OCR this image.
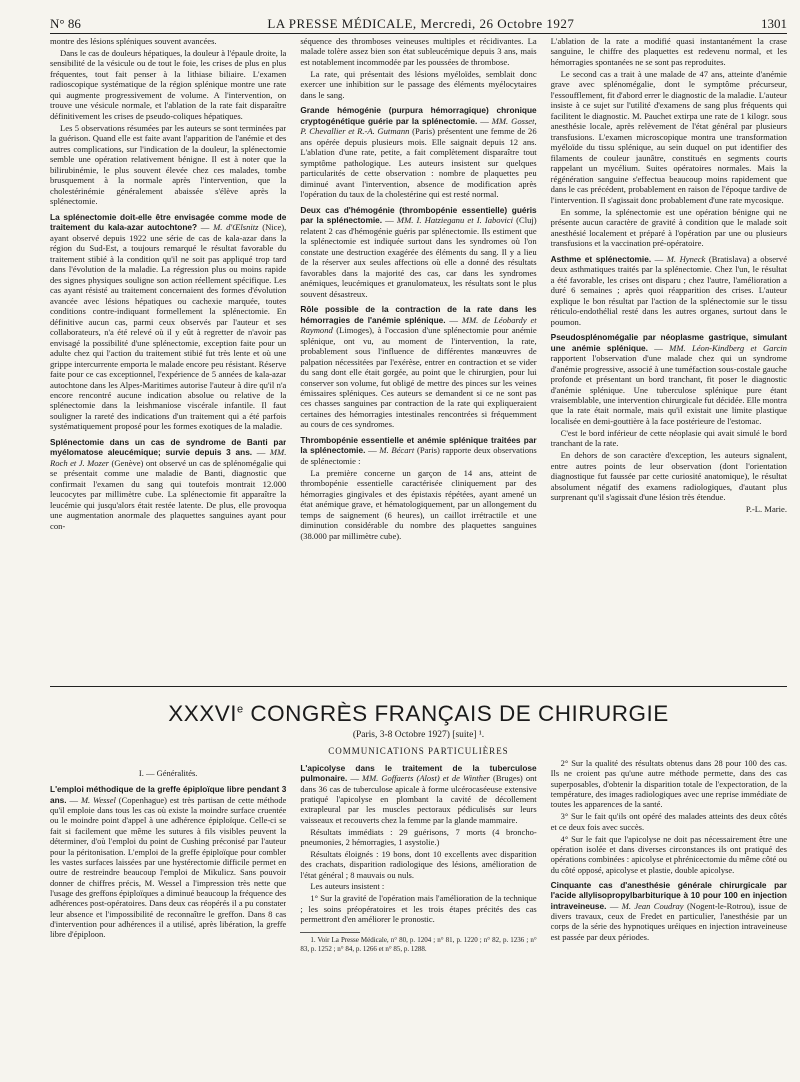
N° 86	LA PRESSE MÉDICALE, Mercredi, 26 Octobre 1927	1301

montre des lésions spléniques souvent avancées.

Dans le cas de douleurs hépatiques, la douleur à l'épaule droite, la sensibilité de la vésicule ou de tout le foie, les crises de plus en plus fréquentes, tout fait penser à la lithiase biliaire. L'examen radioscopique systématique de la région splénique montre une rate qui augmente progressivement de volume. A l'intervention, on trouve une vésicule normale, et l'ablation de la rate fait disparaître définitivement les crises de pseudo-coliques hépatiques.

Les 5 observations résumées par les auteurs se sont terminées par la guérison. Quand elle est faite avant l'apparition de l'anémie et des autres complications, sur l'indication de la douleur, la splénectomie semble une opération relativement bénigne. Il est à noter que la bilirubinémie, le plus souvent élevée chez ces malades, tombe brusquement à la normale après l'intervention, que la cholestérinémie généralement abaissée s'élève après la splénectomie.

La splénectomie doit-elle être envisagée comme mode de traitement du kala-azar autochtone? — M. d'Œlsnitz (Nice), ayant observé depuis 1922 une série de cas de kala-azar dans la région du Sud-Est, a toujours remarqué le résultat favorable du traitement stibié à la condition qu'il ne soit pas appliqué trop tard dans l'évolution de la maladie. La régression plus ou moins rapide des signes physiques souligne son action réellement spécifique. Les cas ayant résisté au traitement concernaient des formes d'évolution avancée avec lésions hépatiques ou cachexie marquée, toutes conditions contre-indiquant formellement la splénectomie. En définitive aucun cas, parmi ceux observés par l'auteur et ses collaborateurs, n'a été relevé où il y eût à regretter de n'avoir pas envisagé la possibilité d'une splénectomie, exception faite pour un adulte chez qui l'action du traitement stibié fut très lente et où une grippe intercurrente emporta le malade encore peu résistant. Réserve faite pour ce cas exceptionnel, l'expérience de 5 années de kala-azar autochtone dans les Alpes-Maritimes autorise l'auteur à dire qu'il n'a encore rencontré aucune indication absolue ou relative de la splénectomie dans la leishmaniose viscérale infantile. Il faut souligner la rareté des indications d'un traitement qui a été parfois systématiquement proposé pour les formes exotiques de la maladie.

Splénectomie dans un cas de syndrome de Banti par myélomatose aleucémique; survie depuis 3 ans. — MM. Roch et J. Mozer (Genève) ont observé un cas de splénomégalie qui se présentait comme une maladie de Banti, diagnostic que confirmait l'examen du sang qui toutefois montrait 12.000 leucocytes par millimètre cube. La splénectomie fit apparaître la leucémie qui jusqu'alors était restée latente. De plus, elle provoqua une augmentation anormale des plaquettes sanguines ayant pour con-

séquence des thromboses veineuses multiples et récidivantes. La malade tolère assez bien son état subleucémique depuis 3 ans, mais est notablement incommodée par les poussées de thrombose.

La rate, qui présentait des lésions myéloïdes, semblait donc exercer une inhibition sur le passage des éléments myélocytaires dans le sang.

Grande hémogénie (purpura hémorragique) chronique cryptogénétique guérie par la splénectomie. — MM. Gosset, P. Chevallier et R.-A. Gutmann (Paris) présentent une femme de 26 ans opérée depuis plusieurs mois. Elle saignait depuis 12 ans. L'ablation d'une rate, petite, a fait complètement disparaître tout symptôme pathologique. Les auteurs insistent sur quelques particularités de cette observation : nombre de plaquettes peu diminué avant l'intervention, absence de modification après l'opération du taux de la cholestérine qui est resté normal.

Deux cas d'hémogénie (thrombopénie essentielle) guéris par la splénectomie. — MM. I. Hatzieganu et I. Iabovici (Cluj) relatent 2 cas d'hémogénie guéris par splénectomie. Ils estiment que la splénectomie est indiquée surtout dans les syndromes où l'on constate une destruction exagérée des éléments du sang. Il y a lieu de la réserver aux seules affections où elle a donné des résultats favorables dans la majorité des cas, car dans les syndromes anémiques, leucémiques et granulomateux, les résultats sont le plus souvent désastreux.

Rôle possible de la contraction de la rate dans les hémorragies de l'anémie splénique. — MM. de Léobardy et Raymond (Limoges), à l'occasion d'une splénectomie pour anémie splénique, ont vu, au moment de l'intervention, la rate, probablement sous l'influence de différentes manœuvres de palpation nécessitées par l'exérèse, entrer en contraction et se vider du sang dont elle était gorgée, au point que le chirurgien, pour lui conserver son volume, fut obligé de mettre des pinces sur les veines émissaires spléniques. Ces auteurs se demandent si ce ne sont pas ces chasses sanguines par contraction de la rate qui expliqueraient certaines des hémorragies intestinales rencontrées si fréquemment au cours de ces syndromes.

Thrombopénie essentielle et anémie splénique traitées par la splénectomie. — M. Bécart (Paris) rapporte deux observations de splénectomie :

La première concerne un garçon de 14 ans, atteint de thrombopénie essentielle caractérisée cliniquement par des hémorragies gingivales et des épistaxis répétées, ayant amené un état anémique grave, et hématologiquement, par un allongement du temps de saignement (6 heures), un caillot irrétractile et une diminution considérable du nombre des plaquettes sanguines (38.000 par millimètre cube).

L'ablation de la rate a modifié quasi instantanément la crase sanguine, le chiffre des plaquettes est redevenu normal, et les hémorragies spontanées ne se sont pas reproduites.

Le second cas a trait à une malade de 47 ans, atteinte d'anémie grave avec splénomégalie, dont le symptôme précurseur, l'essoufflement, fit d'abord errer le diagnostic de la maladie. L'auteur insiste à ce sujet sur l'utilité d'examens de sang plus fréquents qui facilitent le diagnostic. M. Pauchet extirpa une rate de 1 kilogr. sous anesthésie locale, après relèvement de l'état général par plusieurs transfusions. L'examen microscopique montra une transformation myéloïde du tissu splénique, au sein duquel on put identifier des filaments de couleur jaunâtre, constitués en segments courts rappelant un mycélium. Suites opératoires normales. Mais la régénération sanguine s'effectua beaucoup moins rapidement que dans le cas précédent, probablement en raison de l'époque tardive de l'intervention. Il s'agissait donc probablement d'une rate mycosique.

En somme, la splénectomie est une opération bénigne qui ne présente aucun caractère de gravité à condition que le malade soit anesthésié localement et préparé à l'opération par une ou plusieurs transfusions et la vaccination pré-opératoire.

Asthme et splénectomie. — M. Hyneck (Bratislava) a observé deux asthmatiques traités par la splénectomie. Chez l'un, le résultat a été favorable, les crises ont disparu ; chez l'autre, l'amélioration a duré 6 semaines ; après quoi réapparition des crises. L'auteur explique le bon résultat par l'action de la splénectomie sur le tissu réticulo-endothélial resté dans les autres organes, surtout dans le poumon.

Pseudosplénomégalie par néoplasme gastrique, simulant une anémie splénique. — MM. Léon-Kindberg et Garcin rapportent l'observation d'une malade chez qui un syndrome d'anémie progressive, associé à une tuméfaction sous-costale gauche profonde et présentant un bord tranchant, fit poser le diagnostic d'anémie splénique. Une tuberculose splénique pure étant vraisemblable, une intervention chirurgicale fut décidée. Elle montra que la rate était normale, mais qu'il existait une limite plastique localisée en demi-gouttière à la face postérieure de l'estomac.

C'est le bord inférieur de cette néoplasie qui avait simulé le bord tranchant de la rate.

En dehors de son caractère d'exception, les auteurs signalent, entre autres points de leur observation (dont l'orientation diagnostique fut faussée par cette curiosité anatomique), le résultat absolument négatif des examens radiologiques, d'autant plus surprenant qu'il s'agissait d'une lésion très étendue.

P.-L. Marie.

XXXVIe CONGRÈS FRANÇAIS DE CHIRURGIE
(Paris, 3-8 Octobre 1927) [suite] ¹.
COMMUNICATIONS PARTICULIÈRES
I. — Généralités.

L'emploi méthodique de la greffe épiploïque libre pendant 3 ans. — M. Wessel (Copenhague) est très partisan de cette méthode qu'il emploie dans tous les cas où existe la moindre surface cruentée ou le moindre point d'appel à une adhérence épiploïque. Celle-ci se fait si facilement que même les sutures à fils visibles peuvent la déterminer, d'où l'emploi du point de Cushing préconisé par l'auteur pour la péritonisation. L'emploi de la greffe épiploïque pour combler les vastes surfaces laissées par une hystérectomie difficile permet en outre de restreindre beaucoup l'emploi de Mikulicz. Sans pouvoir donner de chiffres précis, M. Wessel a l'impression très nette que l'usage des greffons épiploïques a diminué beaucoup la fréquence des adhérences post-opératoires. Dans deux cas réopérés il a pu constater leur absence et l'impossibilité de reconnaître le greffon. Dans 8 cas d'intervention pour adhérences il a utilisé, après libération, la greffe libre d'épiploon.

L'apicolyse dans le traitement de la tuberculose pulmonaire. — MM. Goffaerts (Alost) et de Winther (Bruges) ont dans 36 cas de tuberculose apicale à forme ulcérocaséeuse extensive pratiqué l'apicolyse en plombant la cavité de décollement extrapleural par les muscles pectoraux pédiculisés sur leurs vaisseaux et recouverts chez la femme par la glande mammaire.

Résultats immédiats : 29 guérisons, 7 morts (4 broncho-pneumonies, 2 hémorragies, 1 asystolie.)

Résultats éloignés : 19 bons, dont 10 excellents avec disparition des crachats, disparition radiologique des lésions, amélioration de l'état général ; 8 mauvais ou nuls.

Les auteurs insistent :

1° Sur la gravité de l'opération mais l'amélioration de la technique ; les soins préopératoires et les trois étapes précités des cas permettront d'en améliorer le pronostic.

1. Voir La Presse Médicale, n° 80, p. 1204 ; n° 81, p. 1220 ; n° 82, p. 1236 ; n° 83, p. 1252 ; n° 84, p. 1266 et n° 85, p. 1288.

2° Sur la qualité des résultats obtenus dans 28 pour 100 des cas. Ils ne croient pas qu'une autre méthode permette, dans des cas superposables, d'obtenir la disparition totale de l'expectoration, de la température, des images radiologiques avec une reprise immédiate de toutes les apparences de la santé.

3° Sur le fait qu'ils ont opéré des malades atteints des deux côtés et ce deux fois avec succès.

4° Sur le fait que l'apicolyse ne doit pas nécessairement être une opération isolée et dans diverses circonstances ils ont pratiqué des opérations combinées : apicolyse et phrénicectomie du même côté ou du côté opposé, apicolyse et plastie, double apicolyse.

Cinquante cas d'anesthésie générale chirurgicale par l'acide allylisopropylbarbiturique à 10 pour 100 en injection intraveineuse. — M. Jean Coudray (Nogent-le-Rotrou), issue de divers travaux, ceux de Fredet en particulier, l'anesthésie par un corps de la série des hypnotiques uréiques en injection intraveineuse est passée par deux périodes.
